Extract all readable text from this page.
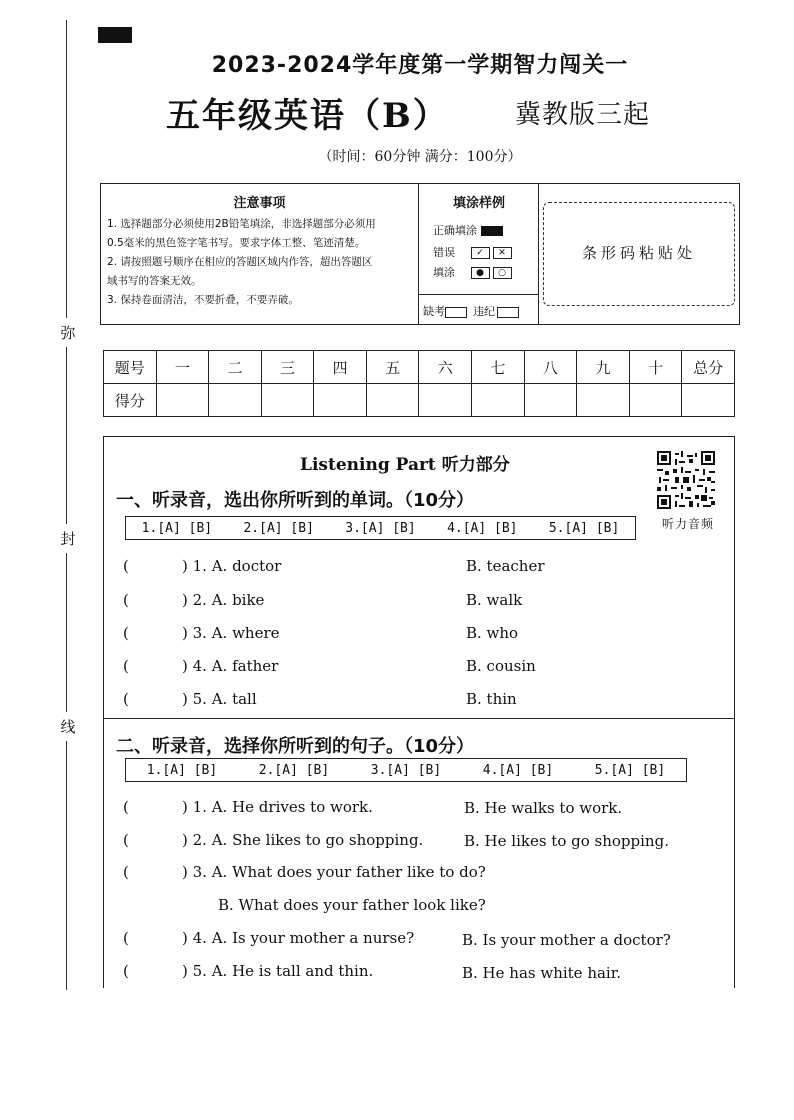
弥
封
线
2023-2024学年度第一学期智力闯关一
五年级英语（B）	冀教版三起
（时间：60分钟 满分：100分）
注意事项
1. 选择题部分必须使用2B铅笔填涂，非选择题部分必须用
0.5毫米的黑色签字笔书写。要求字体工整、笔迹清楚。
2. 请按照题号顺序在相应的答题区域内作答，超出答题区
域书写的答案无效。
3. 保持卷面清洁，不要折叠，不要弄破。
填涂样例
正确填涂
错误 ✓ ✕
填涂 ● ○
缺考	违纪
条形码粘贴处
题号	一	二	三	四	五	六	七	八	九	十	总分
得分											
Listening Part 听力部分
听力音频
一、听录音，选出你所听到的单词。（10分）
1.[A] [B] 2.[A] [B] 3.[A] [B] 4.[A] [B] 5.[A] [B]
(	) 1. A. doctor	B. teacher
(	) 2. A. bike	B. walk
(	) 3. A. where	B. who
(	) 4. A. father	B. cousin
(	) 5. A. tall	B. thin
二、听录音，选择你所听到的句子。（10分）
1.[A] [B]	2.[A] [B]	3.[A] [B]	4.[A] [B]	5.[A] [B]
(	) 1. A. He drives to work.	B. He walks to work.
(	) 2. A. She likes to go shopping.	B. He likes to go shopping.
(	) 3. A. What does your father like to do?
B. What does your father look like?
(	) 4. A. Is your mother a nurse?	B. Is your mother a doctor?
(	) 5. A. He is tall and thin.	B. He has white hair.
